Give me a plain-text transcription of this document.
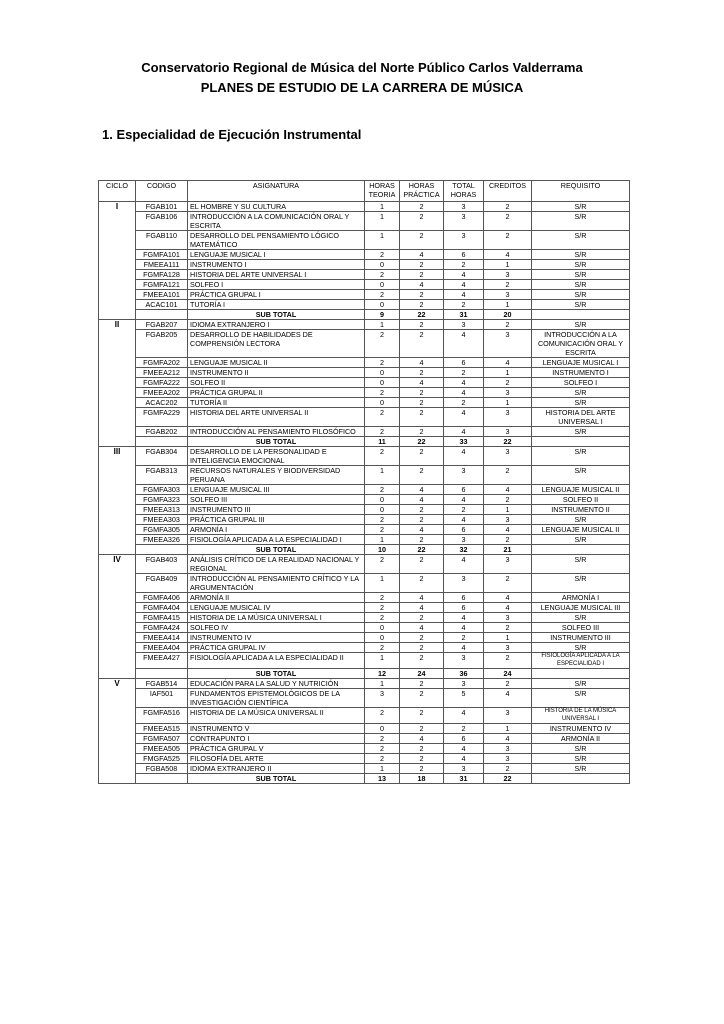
Conservatorio Regional de Música del Norte Público Carlos Valderrama
PLANES DE ESTUDIO DE LA CARRERA DE MÚSICA
1. Especialidad de Ejecución Instrumental
CICLO	CODIGO	ASIGNATURA	HORAS TEORIA	HORAS PRÁCTICA	TOTAL HORAS	CREDITOS	REQUISITO
I	FGAB101	EL HOMBRE Y SU CULTURA	1	2	3	2	S/R
	FGAB106	INTRODUCCIÓN A LA COMUNICACIÓN ORAL Y ESCRITA	1	2	3	2	S/R
	FGAB110	DESARROLLO DEL PENSAMIENTO LÓGICO MATEMÁTICO	1	2	3	2	S/R
	FGMFA101	LENGUAJE MUSICAL I	2	4	6	4	S/R
	FMEEA111	INSTRUMENTO I	0	2	2	1	S/R
	FGMFA128	HISTORIA DEL ARTE UNIVERSAL I	2	2	4	3	S/R
	FGMFA121	SOLFEO I	0	4	4	2	S/R
	FMEEA101	PRÁCTICA GRUPAL I	2	2	4	3	S/R
	ACAC101	TUTORÍA I	0	2	2	1	S/R
		SUB TOTAL	9	22	31	20	
II	FGAB207	IDIOMA EXTRANJERO I	1	2	3	2	S/R
	FGAB205	DESARROLLO DE HABILIDADES DE COMPRENSIÓN LECTORA	2	2	4	3	INTRODUCCIÓN A LA COMUNICACIÓN ORAL Y ESCRITA
	FGMFA202	LENGUAJE MUSICAL II	2	4	6	4	LENGUAJE MUSICAL I
	FMEEA212	INSTRUMENTO II	0	2	2	1	INSTRUMENTO I
	FGMFA222	SOLFEO II	0	4	4	2	SOLFEO I
	FMEEA202	PRÁCTICA GRUPAL II	2	2	4	3	S/R
	ACAC202	TUTORÍA II	0	2	2	1	S/R
	FGMFA229	HISTORIA DEL ARTE UNIVERSAL II	2	2	4	3	HISTORIA DEL ARTE UNIVERSAL I
	FGAB202	INTRODUCCIÓN AL PENSAMIENTO FILOSÓFICO	2	2	4	3	S/R
		SUB TOTAL	11	22	33	22	
III	FGAB304	DESARROLLO DE LA PERSONALIDAD E INTELIGENCIA EMOCIONAL	2	2	4	3	S/R
	FGAB313	RECURSOS NATURALES Y BIODIVERSIDAD PERUANA	1	2	3	2	S/R
	FGMFA303	LENGUAJE MUSICAL III	2	4	6	4	LENGUAJE MUSICAL II
	FGMFA323	SOLFEO III	0	4	4	2	SOLFEO II
	FMEEA313	INSTRUMENTO III	0	2	2	1	INSTRUMENTO II
	FMEEA303	PRÁCTICA GRUPAL III	2	2	4	3	S/R
	FGMFA305	ARMONÍA I	2	4	6	4	LENGUAJE MUSICAL II
	FMEEA326	FISIOLOGÍA APLICADA A LA ESPECIALIDAD I	1	2	3	2	S/R
		SUB TOTAL	10	22	32	21	
IV	FGAB403	ANÁLISIS CRÍTICO DE LA REALIDAD NACIONAL Y REGIONAL	2	2	4	3	S/R
	FGAB409	INTRODUCCIÓN AL PENSAMIENTO CRÍTICO Y LA ARGUMENTACIÓN	1	2	3	2	S/R
	FGMFA406	ARMONÍA II	2	4	6	4	ARMONÍA I
	FGMFA404	LENGUAJE MUSICAL IV	2	4	6	4	LENGUAJE MUSICAL III
	FGMFA415	HISTORIA DE LA MÚSICA UNIVERSAL I	2	2	4	3	S/R
	FGMFA424	SOLFEO IV	0	4	4	2	SOLFEO III
	FMEEA414	INSTRUMENTO IV	0	2	2	1	INSTRUMENTO III
	FMEEA404	PRÁCTICA GRUPAL IV	2	2	4	3	S/R
	FMEEA427	FISIOLOGÍA APLICADA A LA ESPECIALIDAD II	1	2	3	2	FISIOLOGÍA APLICADA A LA ESPECIALIDAD I
		SUB TOTAL	12	24	36	24	
V	FGAB514	EDUCACIÓN PARA LA SALUD Y NUTRICIÓN	1	2	3	2	S/R
	IAF501	FUNDAMENTOS EPISTEMOLÓGICOS DE LA INVESTIGACIÓN CIENTÍFICA	3	2	5	4	S/R
	FGMFA516	HISTORIA DE LA MÚSICA UNIVERSAL II	2	2	4	3	HISTORIA DE LA MÚSICA UNIVERSAL I
	FMEEA515	INSTRUMENTO V	0	2	2	1	INSTRUMENTO IV
	FGMFA507	CONTRAPUNTO I	2	4	6	4	ARMONÍA II
	FMEEA505	PRÁCTICA GRUPAL V	2	2	4	3	S/R
	FMGFA525	FILOSOFÍA DEL ARTE	2	2	4	3	S/R
	FGBA508	IDIOMA EXTRANJERO II	1	2	3	2	S/R
		SUB TOTAL	13	18	31	22	
